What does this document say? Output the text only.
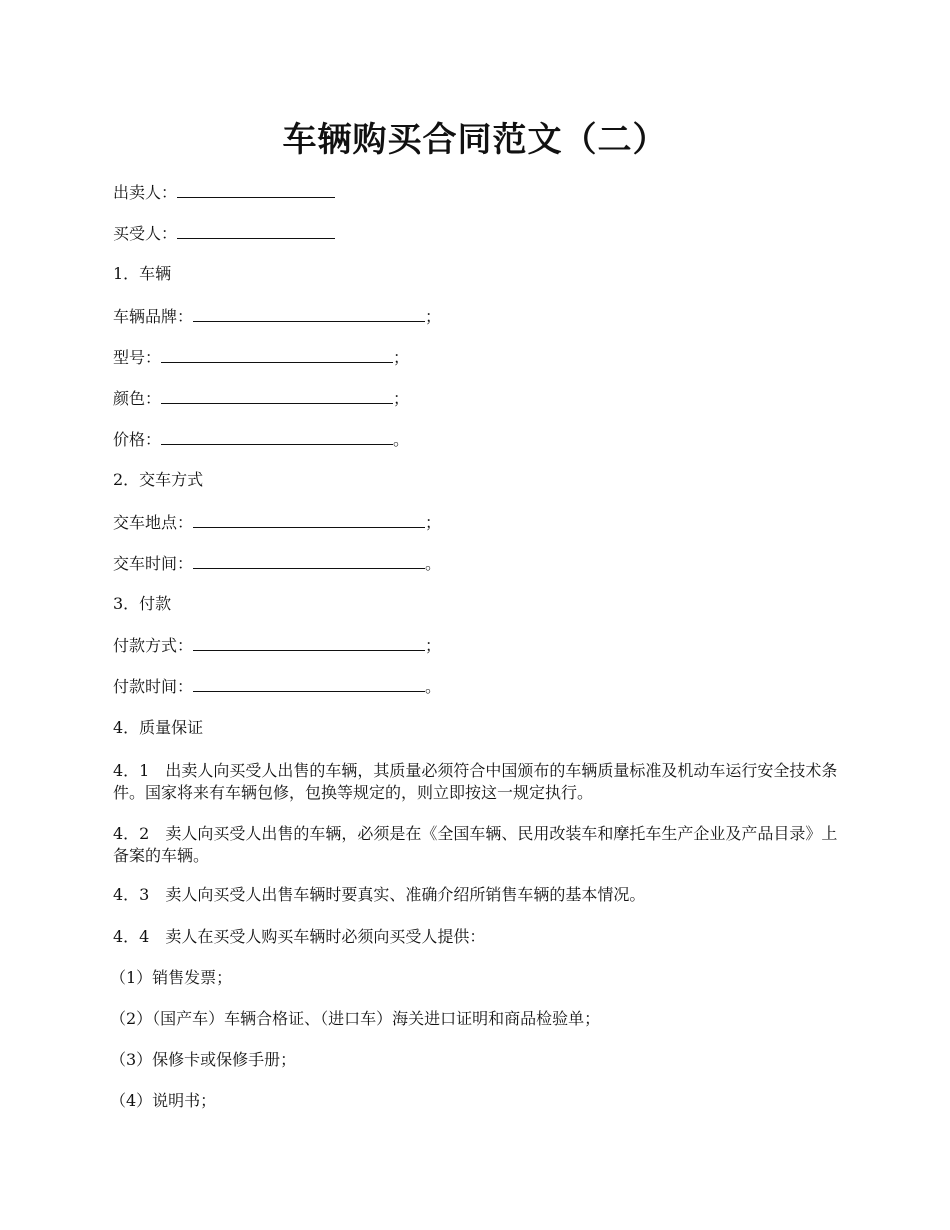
车辆购买合同范文（二）

出卖人：

买受人：

1．车辆

车辆品牌：	；

型号：	；

颜色：	；

价格：	。

2．交车方式

交车地点：	；

交车时间：	。

3．付款

付款方式：	；

付款时间：	。

4．质量保证

4．1 出卖人向买受人出售的车辆，其质量必须符合中国颁布的车辆质量标准及机动车运行安全技术条件。国家将来有车辆包修，包换等规定的，则立即按这一规定执行。

4．2 卖人向买受人出售的车辆，必须是在《全国车辆、民用改装车和摩托车生产企业及产品目录》上备案的车辆。

4．3 卖人向买受人出售车辆时要真实、准确介绍所销售车辆的基本情况。

4．4 卖人在买受人购买车辆时必须向买受人提供：

（1）销售发票；

（2）（国产车）车辆合格证、（进口车）海关进口证明和商品检验单；

（3）保修卡或保修手册；

（4）说明书；
